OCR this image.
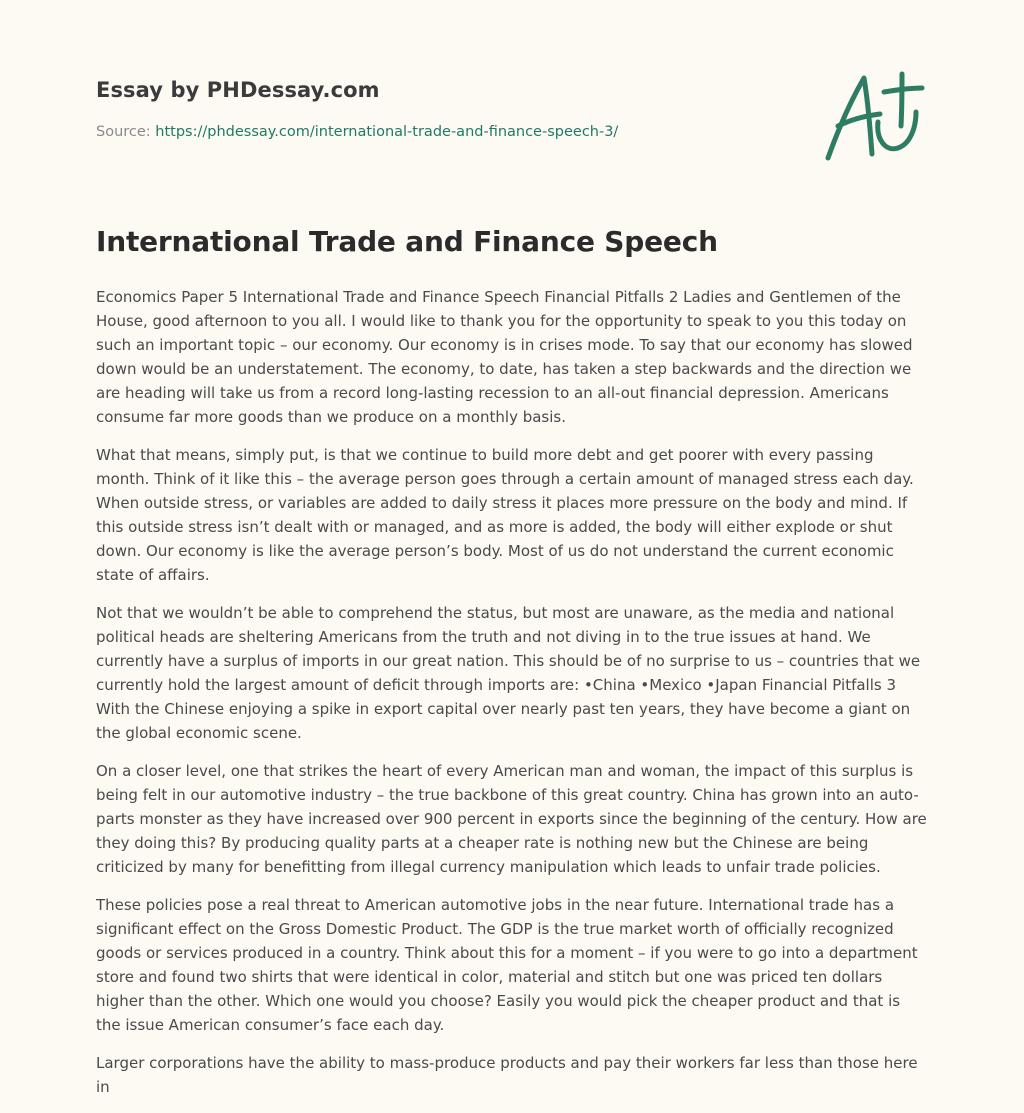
Essay by PHDessay.com
Source: https://phdessay.com/international-trade-and-finance-speech-3/
International Trade and Finance Speech

Economics Paper 5 International Trade and Finance Speech Financial Pitfalls 2 Ladies and Gentlemen of the House, good afternoon to you all. I would like to thank you for the opportunity to speak to you this today on such an important topic – our economy. Our economy is in crises mode. To say that our economy has slowed down would be an understatement. The economy, to date, has taken a step backwards and the direction we are heading will take us from a record long-lasting recession to an all-out financial depression. Americans consume far more goods than we produce on a monthly basis.

What that means, simply put, is that we continue to build more debt and get poorer with every passing month. Think of it like this – the average person goes through a certain amount of managed stress each day. When outside stress, or variables are added to daily stress it places more pressure on the body and mind. If this outside stress isn’t dealt with or managed, and as more is added, the body will either explode or shut down. Our economy is like the average person’s body. Most of us do not understand the current economic state of affairs.

Not that we wouldn’t be able to comprehend the status, but most are unaware, as the media and national political heads are sheltering Americans from the truth and not diving in to the true issues at hand. We currently have a surplus of imports in our great nation. This should be of no surprise to us – countries that we currently hold the largest amount of deficit through imports are: •China •Mexico •Japan Financial Pitfalls 3 With the Chinese enjoying a spike in export capital over nearly past ten years, they have become a giant on the global economic scene.

On a closer level, one that strikes the heart of every American man and woman, the impact of this surplus is being felt in our automotive industry – the true backbone of this great country. China has grown into an auto-parts monster as they have increased over 900 percent in exports since the beginning of the century. How are they doing this? By producing quality parts at a cheaper rate is nothing new but the Chinese are being criticized by many for benefitting from illegal currency manipulation which leads to unfair trade policies.

These policies pose a real threat to American automotive jobs in the near future. International trade has a significant effect on the Gross Domestic Product. The GDP is the true market worth of officially recognized goods or services produced in a country. Think about this for a moment – if you were to go into a department store and found two shirts that were identical in color, material and stitch but one was priced ten dollars higher than the other. Which one would you choose? Easily you would pick the cheaper product and that is the issue American consumer’s face each day.

Larger corporations have the ability to mass-produce products and pay their workers far less than those here in
